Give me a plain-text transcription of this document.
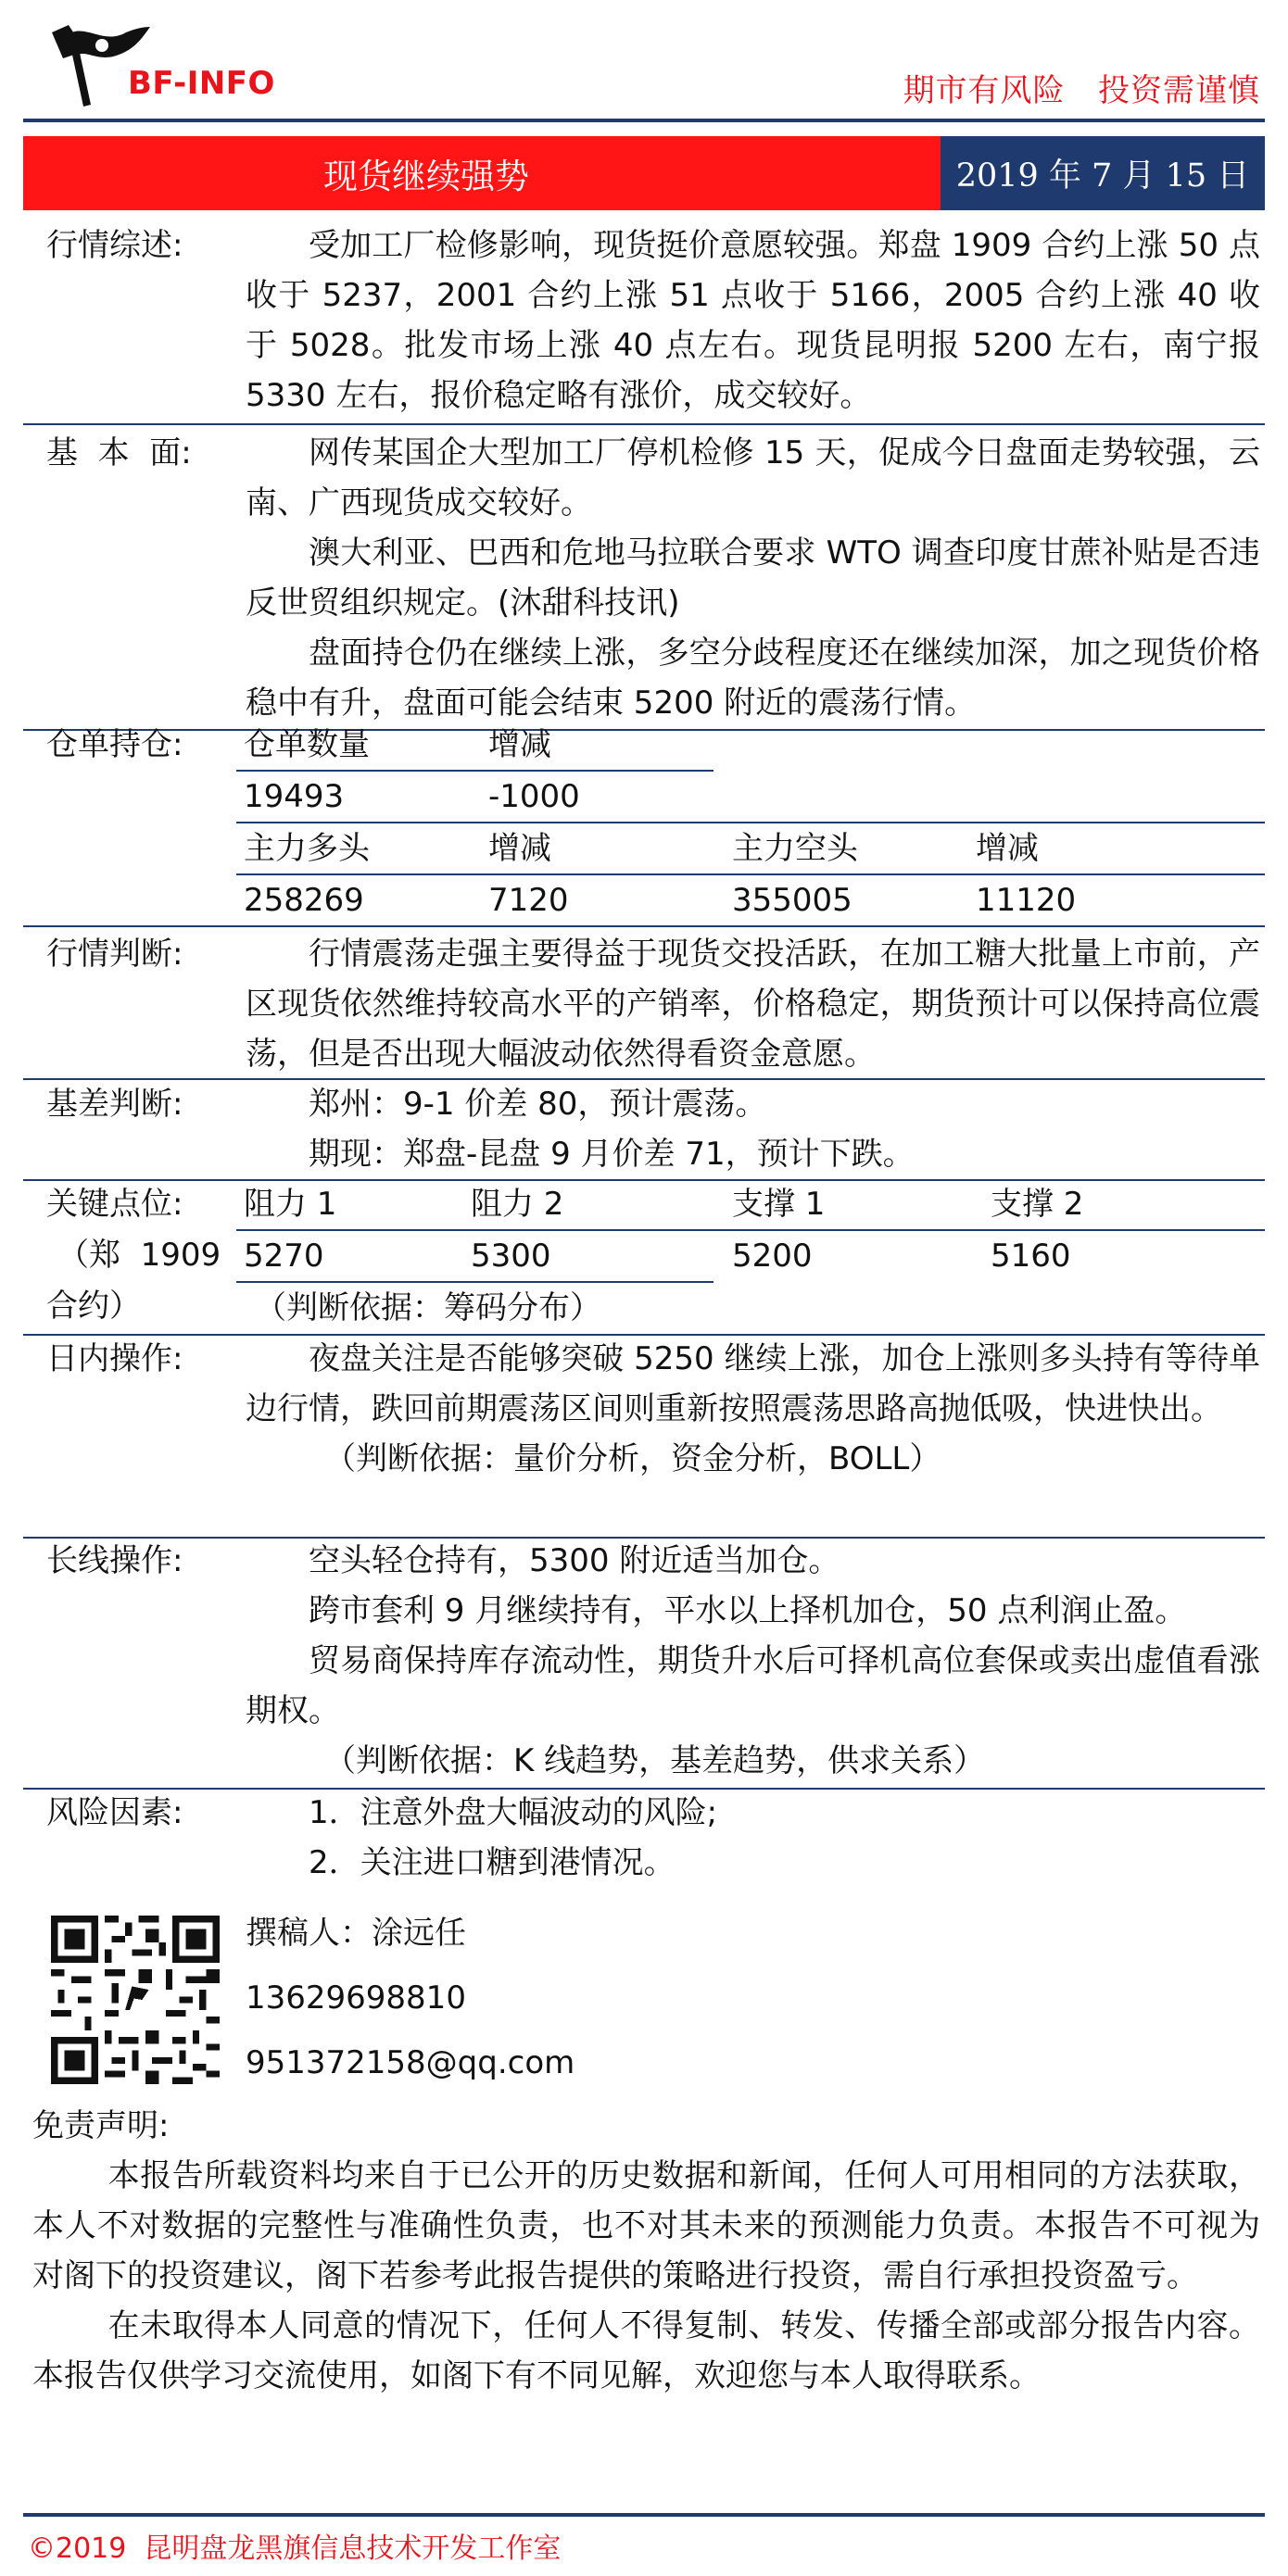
BF-INFO	期市有风险   投资需谨慎
现货继续强势	2019 年 7 月 15 日
行情综述:	受加工厂检修影响，现货挺价意愿较强。郑盘 1909 合约上涨 50 点收于 5237，2001 合约上涨 51 点收于 5166，2005 合约上涨 40 收于 5028。批发市场上涨 40 点左右。现货昆明报 5200 左右，南宁报 5330 左右，报价稳定略有涨价，成交较好。

基  本  面:	网传某国企大型加工厂停机检修 15 天，促成今日盘面走势较强，云南、广西现货成交较好。

澳大利亚、巴西和危地马拉联合要求 WTO 调查印度甘蔗补贴是否违反世贸组织规定。(沐甜科技讯)

盘面持仓仍在继续上涨，多空分歧程度还在继续加深，加之现货价格稳中有升，盘面可能会结束 5200 附近的震荡行情。

仓单持仓: 仓单数量	增减
19493	-1000
主力多头	增减	主力空头	增减
258269	7120	355005	11120
行情判断:	行情震荡走强主要得益于现货交投活跃，在加工糖大批量上市前，产区现货依然维持较高水平的产销率，价格稳定，期货预计可以保持高位震荡，但是否出现大幅波动依然得看资金意愿。

基差判断:	郑州：9-1 价差 80，预计震荡。

期现：郑盘-昆盘 9 月价差 71，预计下跌。

关键点位:
（郑  1909
合约）
阻力 1	阻力 2	支撑 1	支撑 2
5270	5300	5200	5160
（判断依据：筹码分布）
日内操作:	夜盘关注是否能够突破 5250 继续上涨，加仓上涨则多头持有等待单边行情，跌回前期震荡区间则重新按照震荡思路高抛低吸，快进快出。

（判断依据：量价分析，资金分析，BOLL）

长线操作:	空头轻仓持有，5300 附近适当加仓。

跨市套利 9 月继续持有，平水以上择机加仓，50 点利润止盈。

贸易商保持库存流动性，期货升水后可择机高位套保或卖出虚值看涨期权。

（判断依据：K 线趋势，基差趋势，供求关系）

风险因素:	1．注意外盘大幅波动的风险;

2．关注进口糖到港情况。

撰稿人：涂远任
13629698810
951372158@qq.com
免责声明:

本报告所载资料均来自于已公开的历史数据和新闻，任何人可用相同的方法获取，本人不对数据的完整性与准确性负责，也不对其未来的预测能力负责。本报告不可视为对阁下的投资建议，阁下若参考此报告提供的策略进行投资，需自行承担投资盈亏。

在未取得本人同意的情况下，任何人不得复制、转发、传播全部或部分报告内容。本报告仅供学习交流使用，如阁下有不同见解，欢迎您与本人取得联系。

©2019  昆明盘龙黑旗信息技术开发工作室
